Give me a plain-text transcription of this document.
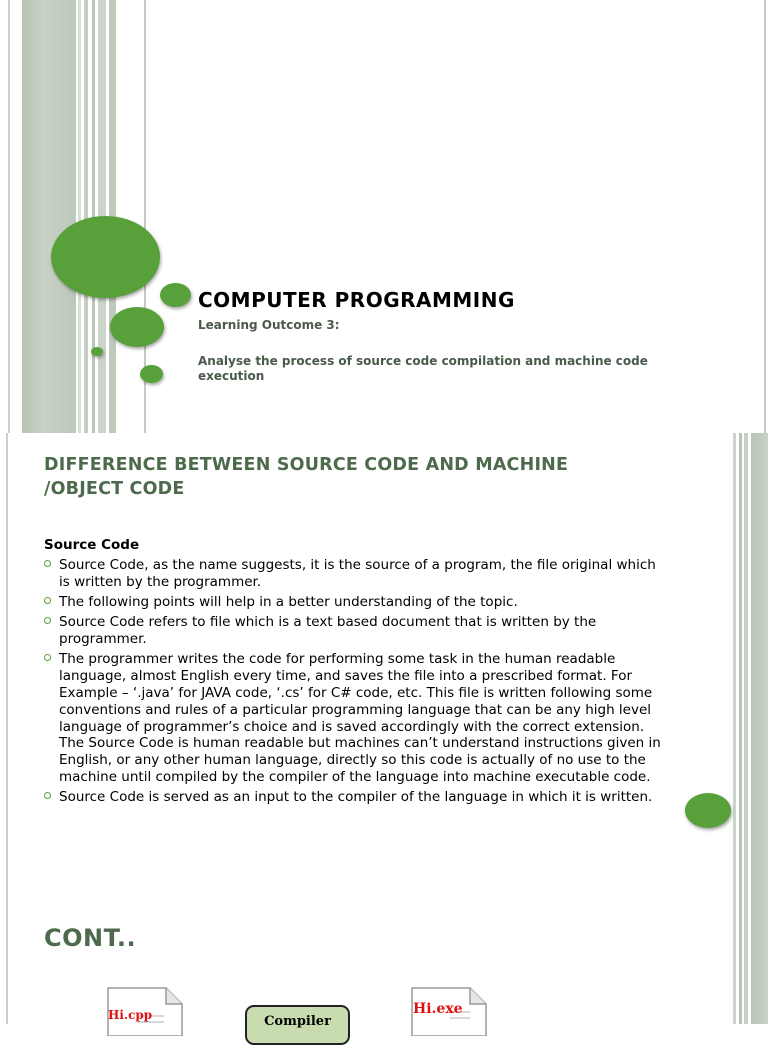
COMPUTER PROGRAMMING

Learning Outcome 3:

Analyse the process of source code compilation and machine code execution

DIFFERENCE BETWEEN SOURCE CODE AND MACHINE /OBJECT CODE

Source Code

Source Code, as the name suggests, it is the source of a program, the file original which is written by the programmer.
The following points will help in a better understanding of the topic.
Source Code refers to file which is a text based document that is written by the programmer.
The programmer writes the code for performing some task in the human readable language, almost English every time, and saves the file into a prescribed format. For Example – ‘.java’ for JAVA code, ‘.cs’ for C# code, etc. This file is written following some conventions and rules of a particular programming language that can be any high level language of programmer’s choice and is saved accordingly with the correct extension. The Source Code is human readable but machines can’t understand instructions given in English, or any other human language, directly so this code is actually of no use to the machine until compiled by the compiler of the language into machine executable code.
Source Code is served as an input to the compiler of the language in which it is written.
CONT..
Hi.cpp	Compiler
Hi.exe
